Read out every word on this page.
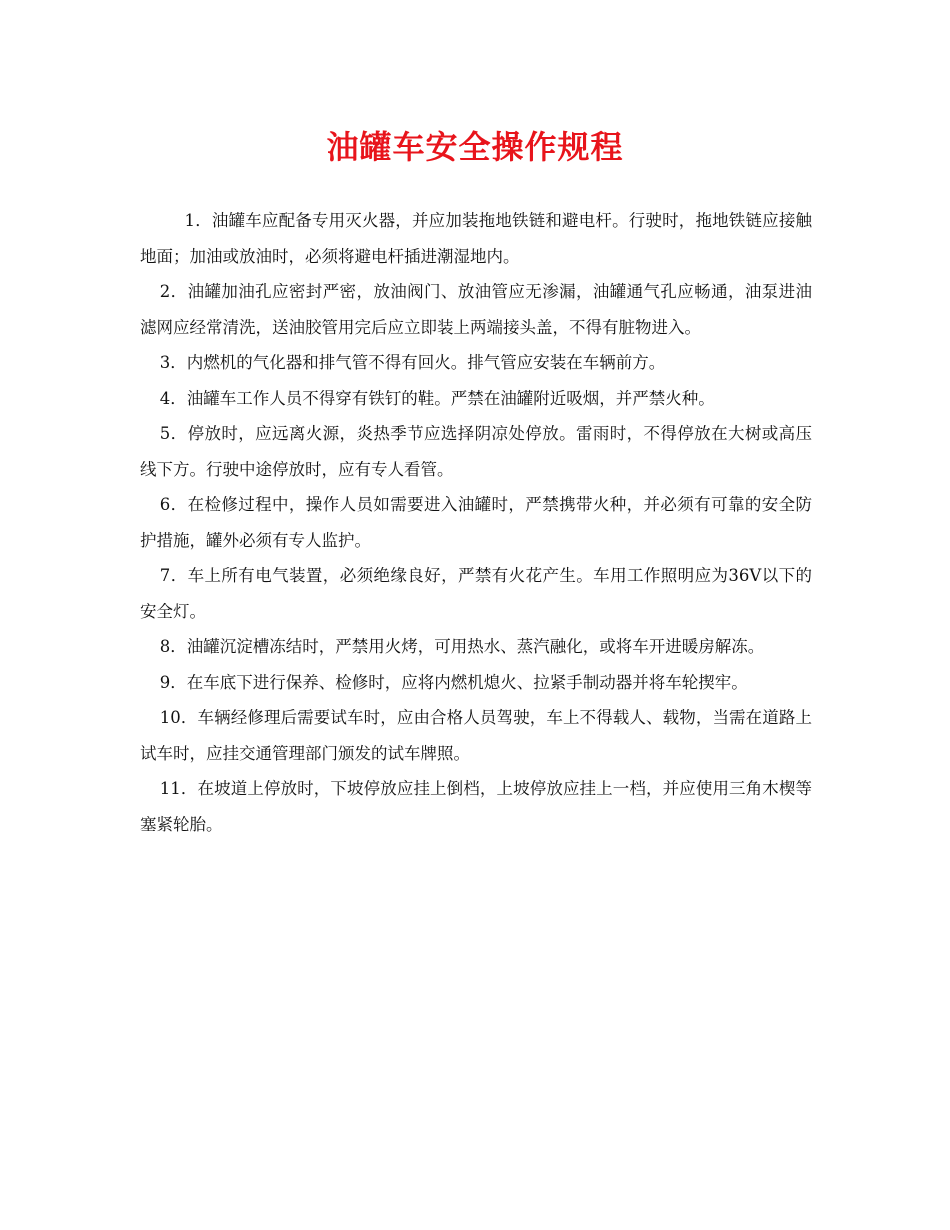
油罐车安全操作规程

1．油罐车应配备专用灭火器，并应加装拖地铁链和避电杆。行驶时，拖地铁链应接触地面；加油或放油时，必须将避电杆插进潮湿地内。

2．油罐加油孔应密封严密，放油阀门、放油管应无渗漏，油罐通气孔应畅通，油泵进油滤网应经常清洗，送油胶管用完后应立即装上两端接头盖，不得有脏物进入。

3．内燃机的气化器和排气管不得有回火。排气管应安装在车辆前方。

4．油罐车工作人员不得穿有铁钉的鞋。严禁在油罐附近吸烟，并严禁火种。

5．停放时，应远离火源，炎热季节应选择阴凉处停放。雷雨时，不得停放在大树或高压线下方。行驶中途停放时，应有专人看管。

6．在检修过程中，操作人员如需要进入油罐时，严禁携带火种，并必须有可靠的安全防护措施，罐外必须有专人监护。

7．车上所有电气装置，必须绝缘良好，严禁有火花产生。车用工作照明应为36V以下的安全灯。

8．油罐沉淀槽冻结时，严禁用火烤，可用热水、蒸汽融化，或将车开进暖房解冻。

9．在车底下进行保养、检修时，应将内燃机熄火、拉紧手制动器并将车轮揳牢。

10．车辆经修理后需要试车时，应由合格人员驾驶，车上不得载人、载物，当需在道路上试车时，应挂交通管理部门颁发的试车牌照。

11．在坡道上停放时，下坡停放应挂上倒档，上坡停放应挂上一档，并应使用三角木楔等塞紧轮胎。
